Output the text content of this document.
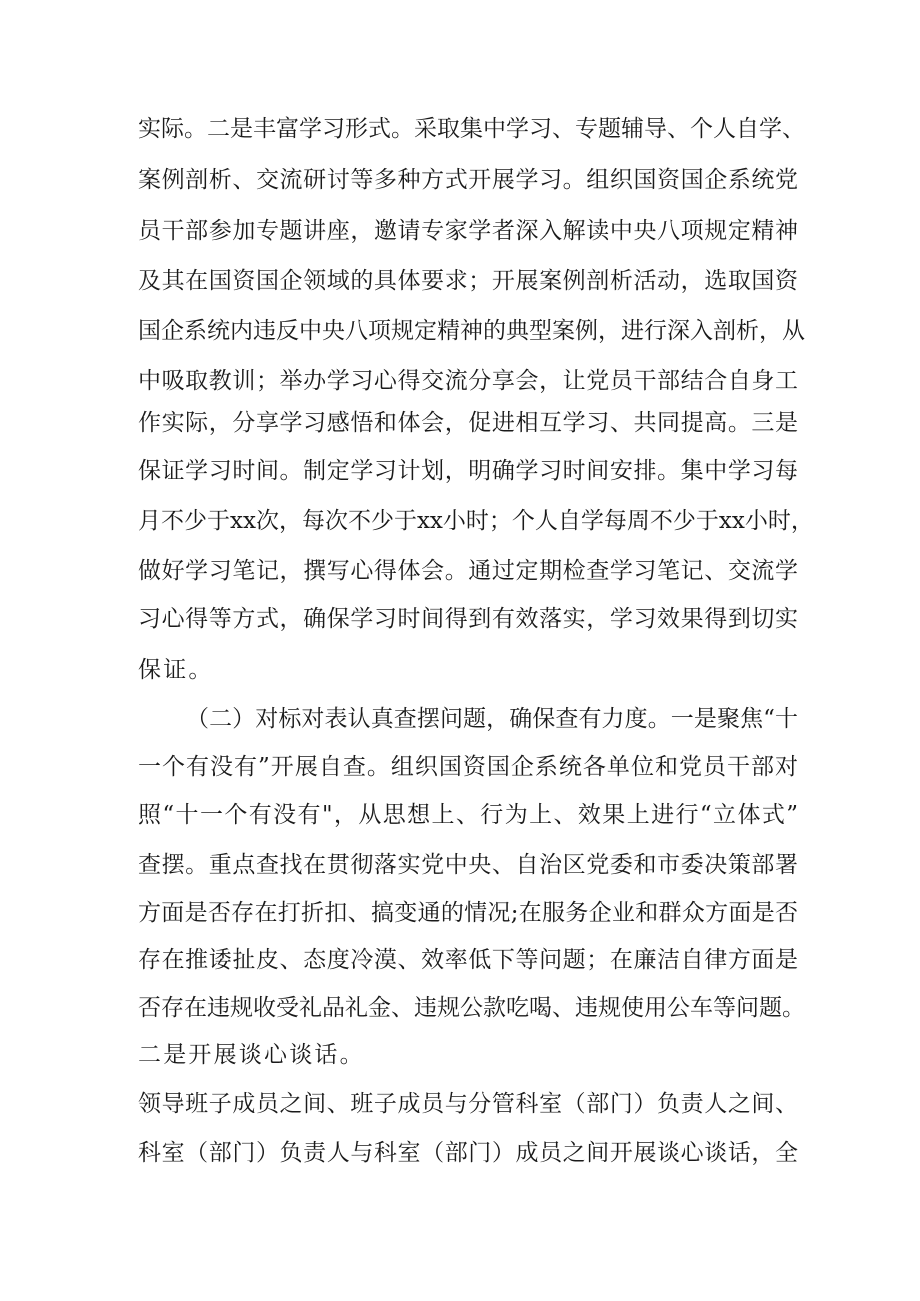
实际。二是丰富学习形式。采取集中学习、专题辅导、个人自学、
案例剖析、交流研讨等多种方式开展学习。组织国资国企系统党
员干部参加专题讲座，邀请专家学者深入解读中央八项规定精神
及其在国资国企领域的具体要求；开展案例剖析活动，选取国资
国企系统内违反中央八项规定精神的典型案例，进行深入剖析，从
中吸取教训；举办学习心得交流分享会，让党员干部结合自身工
作实际，分享学习感悟和体会，促进相互学习、共同提高。三是
保证学习时间。制定学习计划，明确学习时间安排。集中学习每
月不少于xx次，每次不少于xx小时；个人自学每周不少于xx小时，
做好学习笔记，撰写心得体会。通过定期检查学习笔记、交流学
习心得等方式，确保学习时间得到有效落实，学习效果得到切实
保证。
（二）对标对表认真查摆问题，确保查有力度。一是聚焦“十
一个有没有”开展自查。组织国资国企系统各单位和党员干部对
照“十一个有没有"，从思想上、行为上、效果上进行“立体式”
查摆。重点查找在贯彻落实党中央、自治区党委和市委决策部署
方面是否存在打折扣、搞变通的情况;在服务企业和群众方面是否
存在推诿扯皮、态度冷漠、效率低下等问题；在廉洁自律方面是
否存在违规收受礼品礼金、违规公款吃喝、违规使用公车等问题。
二是开展谈心谈话。
领导班子成员之间、班子成员与分管科室（部门）负责人之间、
科室（部门）负责人与科室（部门）成员之间开展谈心谈话，全
